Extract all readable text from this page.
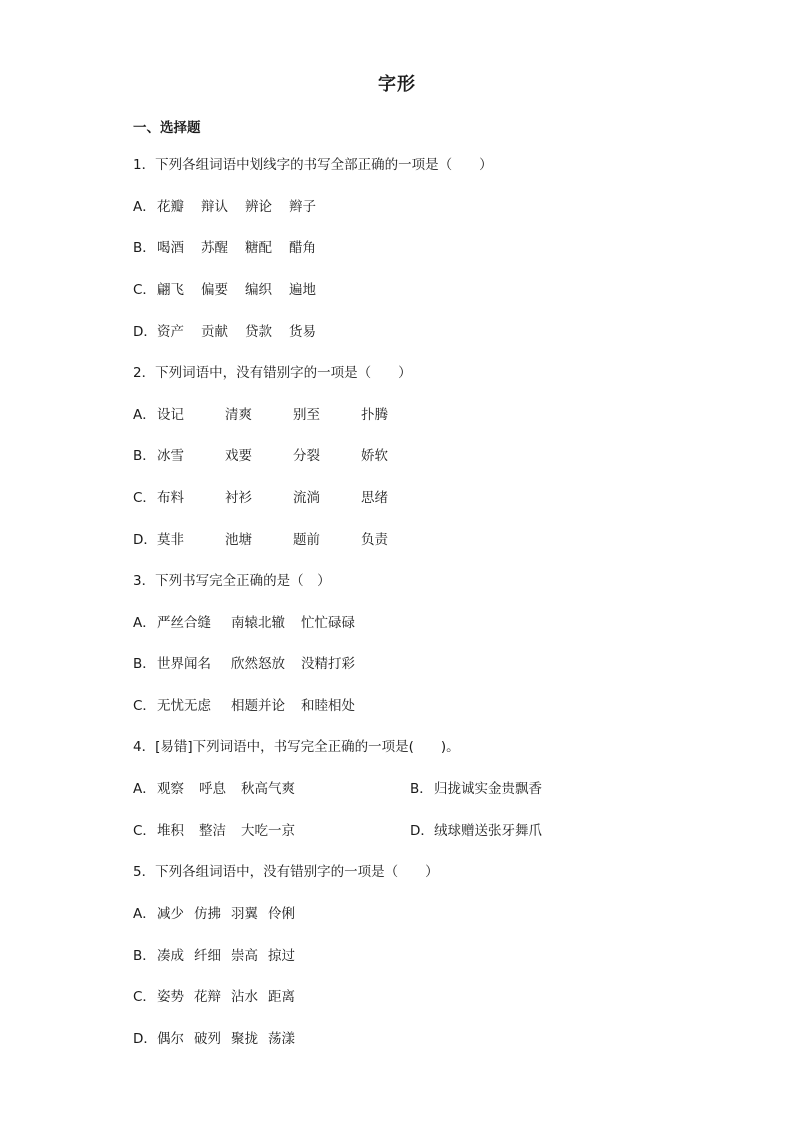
字形
一、选择题
1．下列各组词语中划线字的书写全部正确的一项是（　　）
A．花瓣 辩认 辨论 辫子
B．喝酒 苏醒 糖配 醋角
C．翩飞 偏要 编织 遍地
D．资产 贡献 贷款 货易
2．下列词语中，没有错别字的一项是（　　）
A．设记	清爽	别至	扑腾
B．冰雪	戏要	分裂	娇软
C．布料	衬衫	流淌	思绪
D．莫非	池塘	题前	负责
3．下列书写完全正确的是（　）
A．严丝合缝 南辕北辙 忙忙碌碌
B．世界闻名 欣然怒放 没精打彩
C．无忧无虑 相题并论 和睦相处
4．[易错]下列词语中，书写完全正确的一项是(　　)。
A．观察 呼息 秋高气爽	B．归拢诚实金贵飘香
C．堆积 整洁 大吃一京	D．绒球赠送张牙舞爪
5．下列各组词语中，没有错别字的一项是（　　）
A．减少 仿拂 羽翼 伶俐
B．凑成 纤细 崇高 掠过
C．姿势 花辩 沾水 距离
D．偶尔 破列 聚拢 荡漾
